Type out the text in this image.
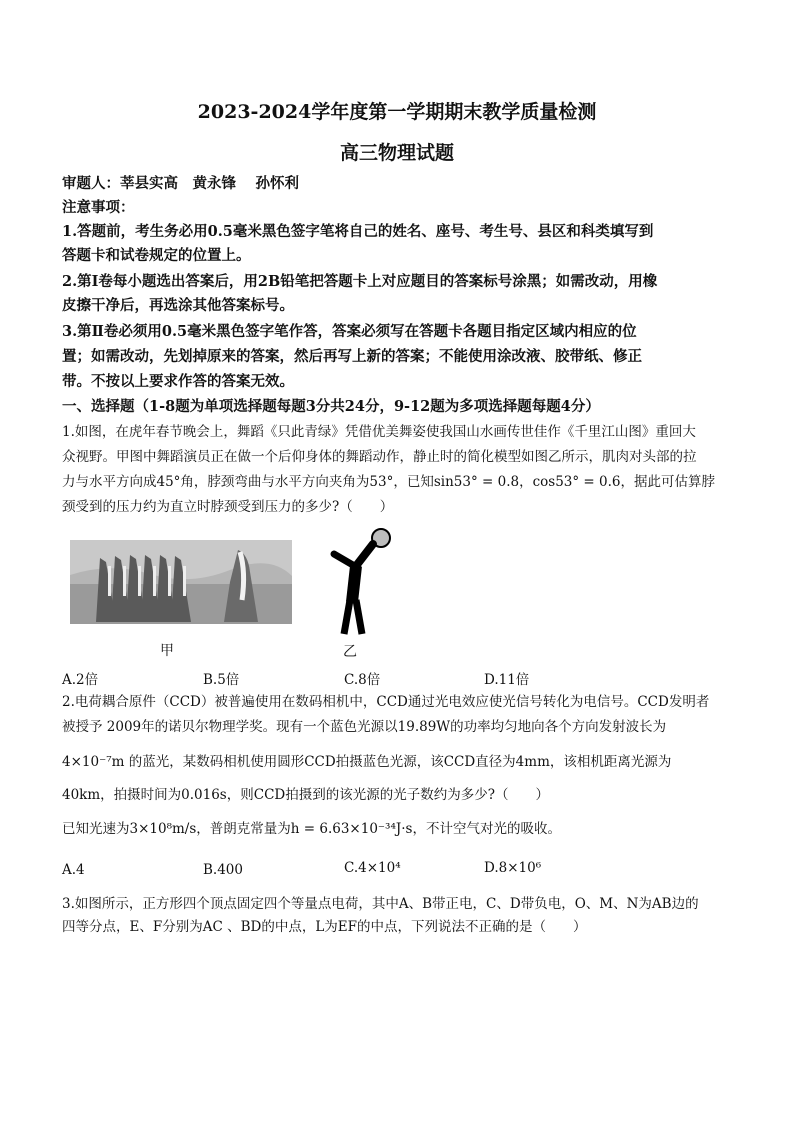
2023-2024学年度第一学期期末教学质量检测
高三物理试题
审题人：莘县实高　黄永锋　 孙怀利
注意事项：
1.答题前，考生务必用0.5毫米黑色签字笔将自己的姓名、座号、考生号、县区和科类填写到
答题卡和试卷规定的位置上。
2.第Ⅰ卷每小题选出答案后，用2B铅笔把答题卡上对应题目的答案标号涂黑；如需改动，用橡
皮擦干净后，再选涂其他答案标号。
3.第Ⅱ卷必须用0.5毫米黑色签字笔作答，答案必须写在答题卡各题目指定区域内相应的位
置；如需改动，先划掉原来的答案，然后再写上新的答案；不能使用涂改液、胶带纸、修正
带。不按以上要求作答的答案无效。
一、选择题（1-8题为单项选择题每题3分共24分，9-12题为多项选择题每题4分）
1.如图，在虎年春节晚会上，舞蹈《只此青绿》凭借优美舞姿使我国山水画传世佳作《千里江山图》重回大
众视野。甲图中舞蹈演员正在做一个后仰身体的舞蹈动作，静止时的简化模型如图乙所示，肌肉对头部的拉
力与水平方向成45°角，脖颈弯曲与水平方向夹角为53°，已知sin53° = 0.8，cos53° = 0.6，据此可估算脖
颈受到的压力约为直立时脖颈受到压力的多少?（　　）
甲	乙
A.2倍	B.5倍	C.8倍	D.11倍
2.电荷耦合原件（CCD）被普遍使用在数码相机中，CCD通过光电效应使光信号转化为电信号。CCD发明者
被授予 2009年的诺贝尔物理学奖。现有一个蓝色光源以19.89W的功率均匀地向各个方向发射波长为
4×10⁻⁷m 的蓝光，某数码相机使用圆形CCD拍摄蓝色光源，该CCD直径为4mm，该相机距离光源为
40km，拍摄时间为0.016s，则CCD拍摄到的该光源的光子数约为多少?（　　）
已知光速为3×10⁸m/s，普朗克常量为h = 6.63×10⁻³⁴J·s，不计空气对光的吸收。
A.4	B.400	C.4×10⁴	D.8×10⁶
3.如图所示，正方形四个顶点固定四个等量点电荷，其中A、B带正电，C、D带负电，O、M、N为AB边的
四等分点，E、F分别为AC 、BD的中点，L为EF的中点，下列说法不正确的是（　　）
